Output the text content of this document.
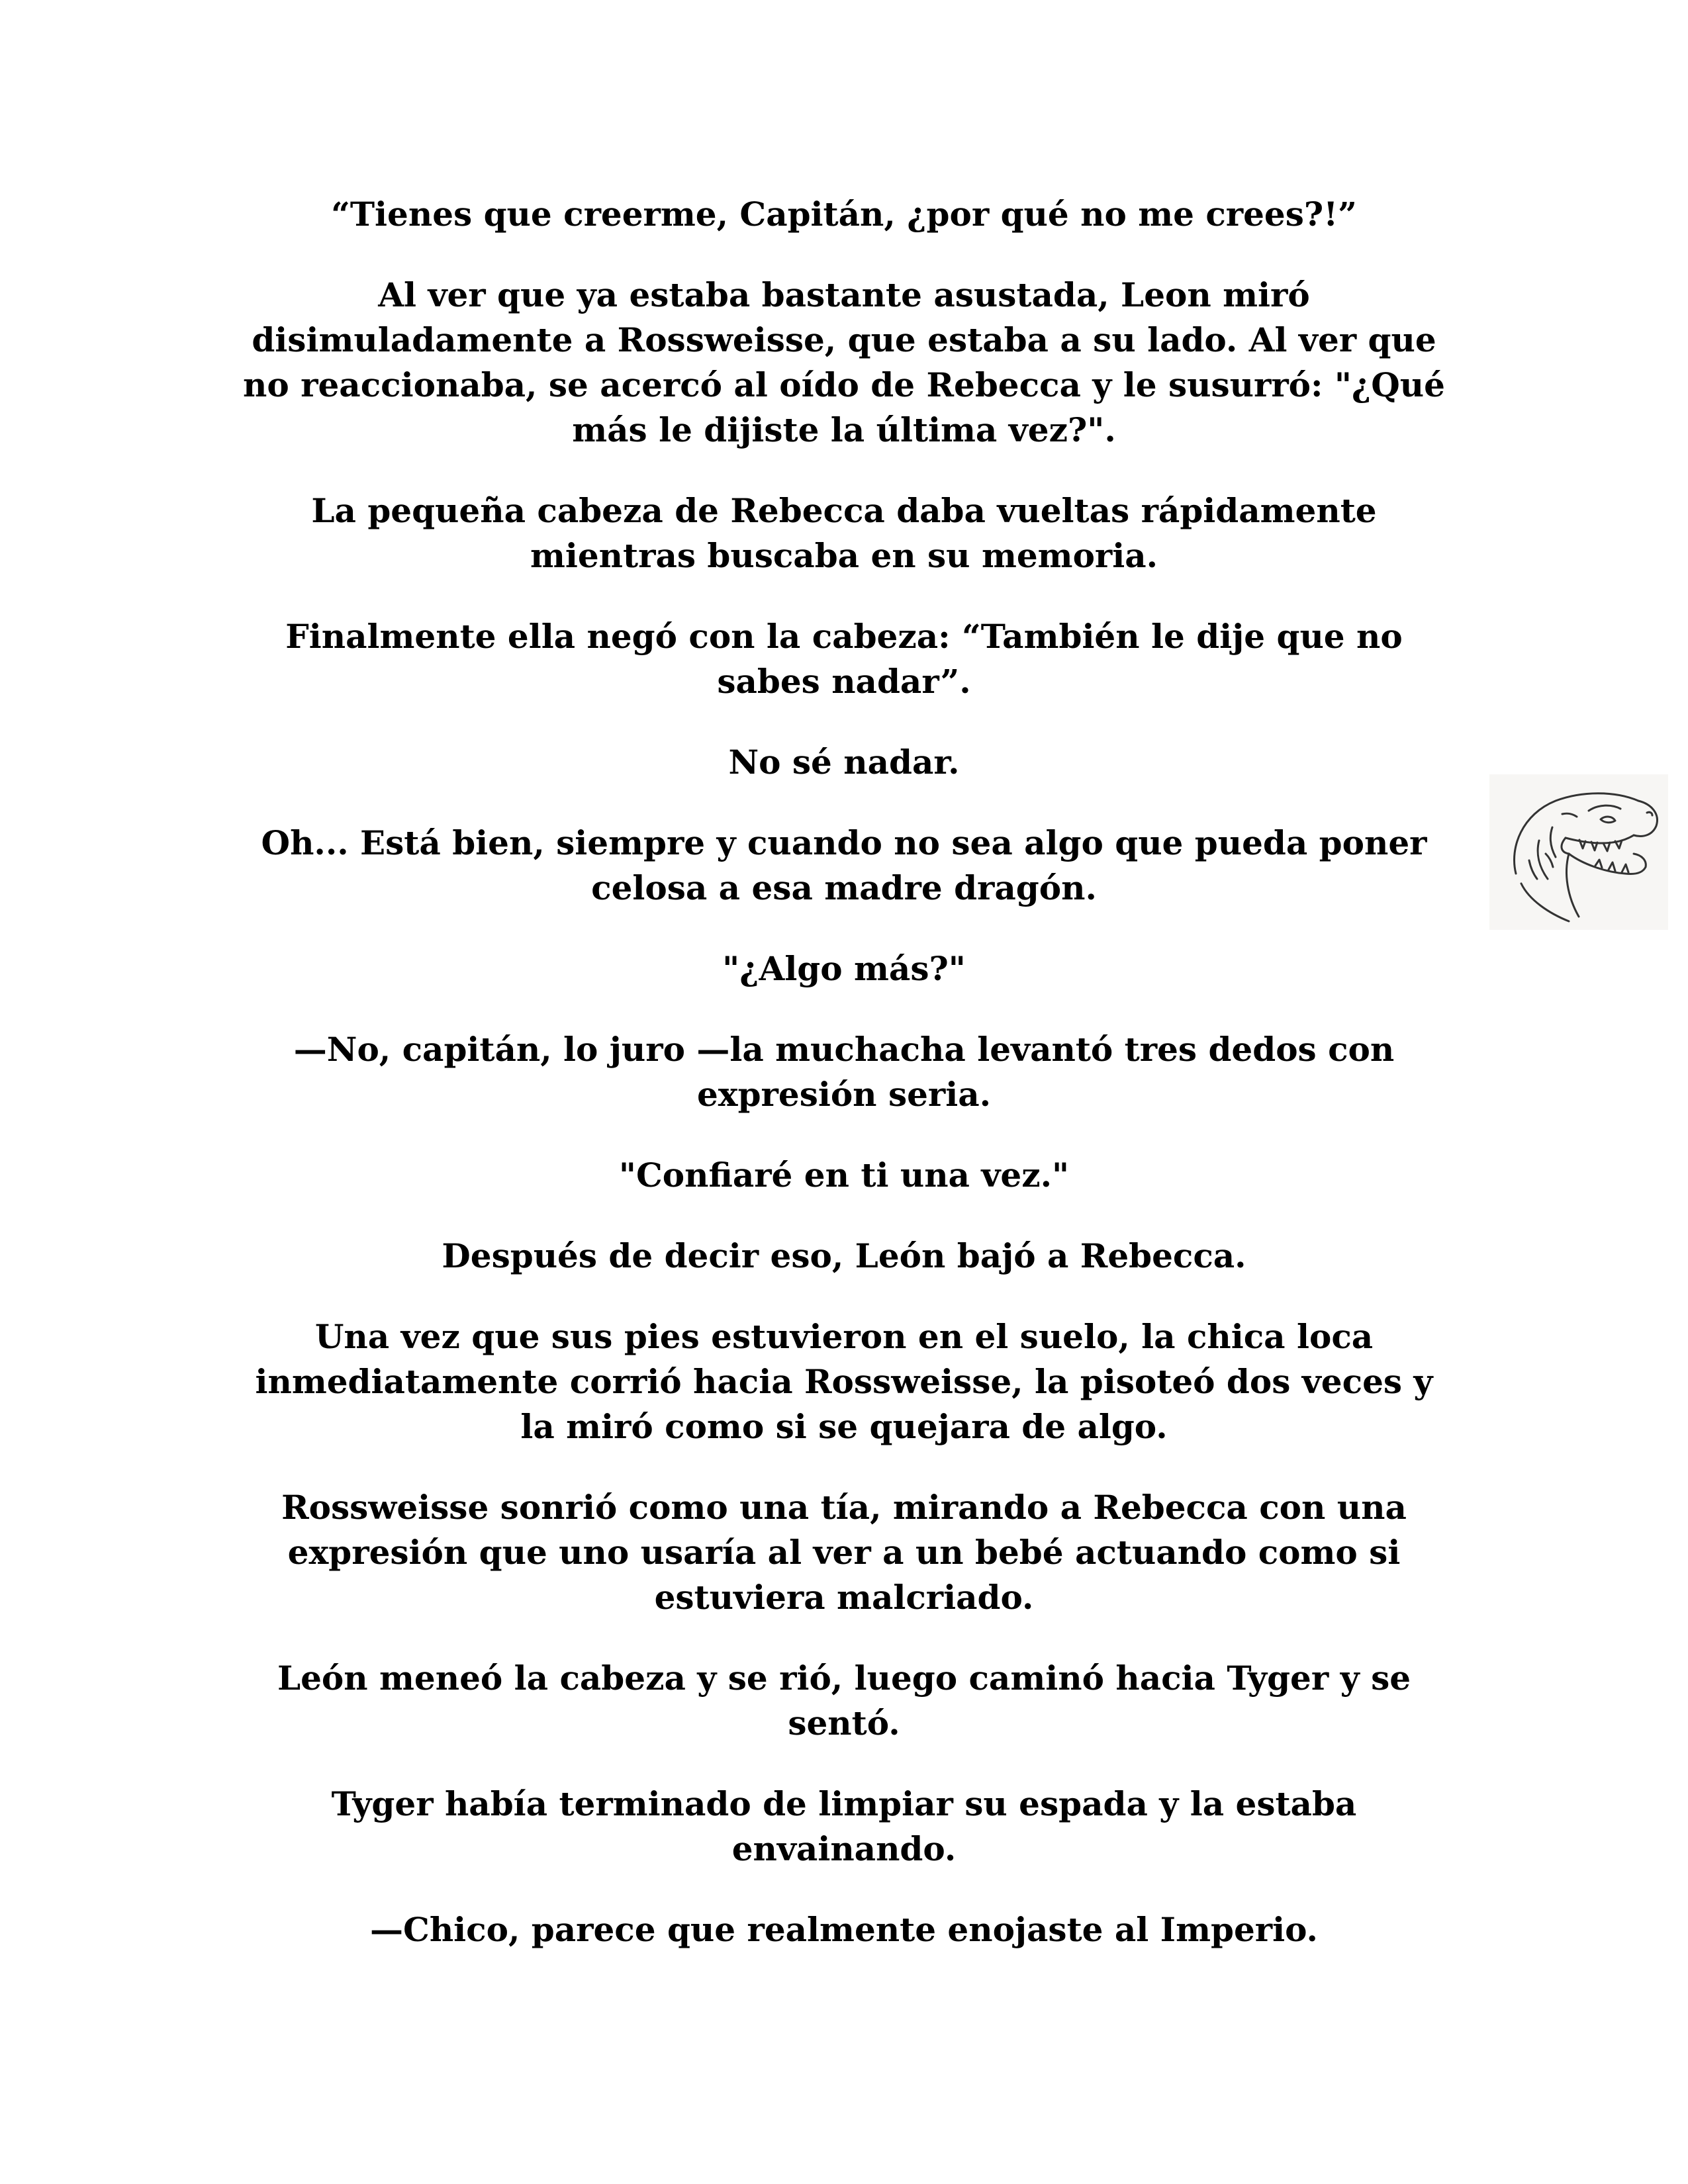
“Tienes que creerme, Capitán, ¿por qué no me crees?!”

Al ver que ya estaba bastante asustada, Leon miró disimuladamente a Rossweisse, que estaba a su lado. Al ver que no reaccionaba, se acercó al oído de Rebecca y le susurró: "¿Qué más le dijiste la última vez?".

La pequeña cabeza de Rebecca daba vueltas rápidamente mientras buscaba en su memoria.

Finalmente ella negó con la cabeza: “También le dije que no sabes nadar”.

No sé nadar.

Oh... Está bien, siempre y cuando no sea algo que pueda poner celosa a esa madre dragón.

"¿Algo más?"

—No, capitán, lo juro —la muchacha levantó tres dedos con expresión seria.

"Confiaré en ti una vez."

Después de decir eso, León bajó a Rebecca.

Una vez que sus pies estuvieron en el suelo, la chica loca inmediatamente corrió hacia Rossweisse, la pisoteó dos veces y la miró como si se quejara de algo.

Rossweisse sonrió como una tía, mirando a Rebecca con una expresión que uno usaría al ver a un bebé actuando como si estuviera malcriado.

León meneó la cabeza y se rió, luego caminó hacia Tyger y se sentó.

Tyger había terminado de limpiar su espada y la estaba envainando.

—Chico, parece que realmente enojaste al Imperio.
